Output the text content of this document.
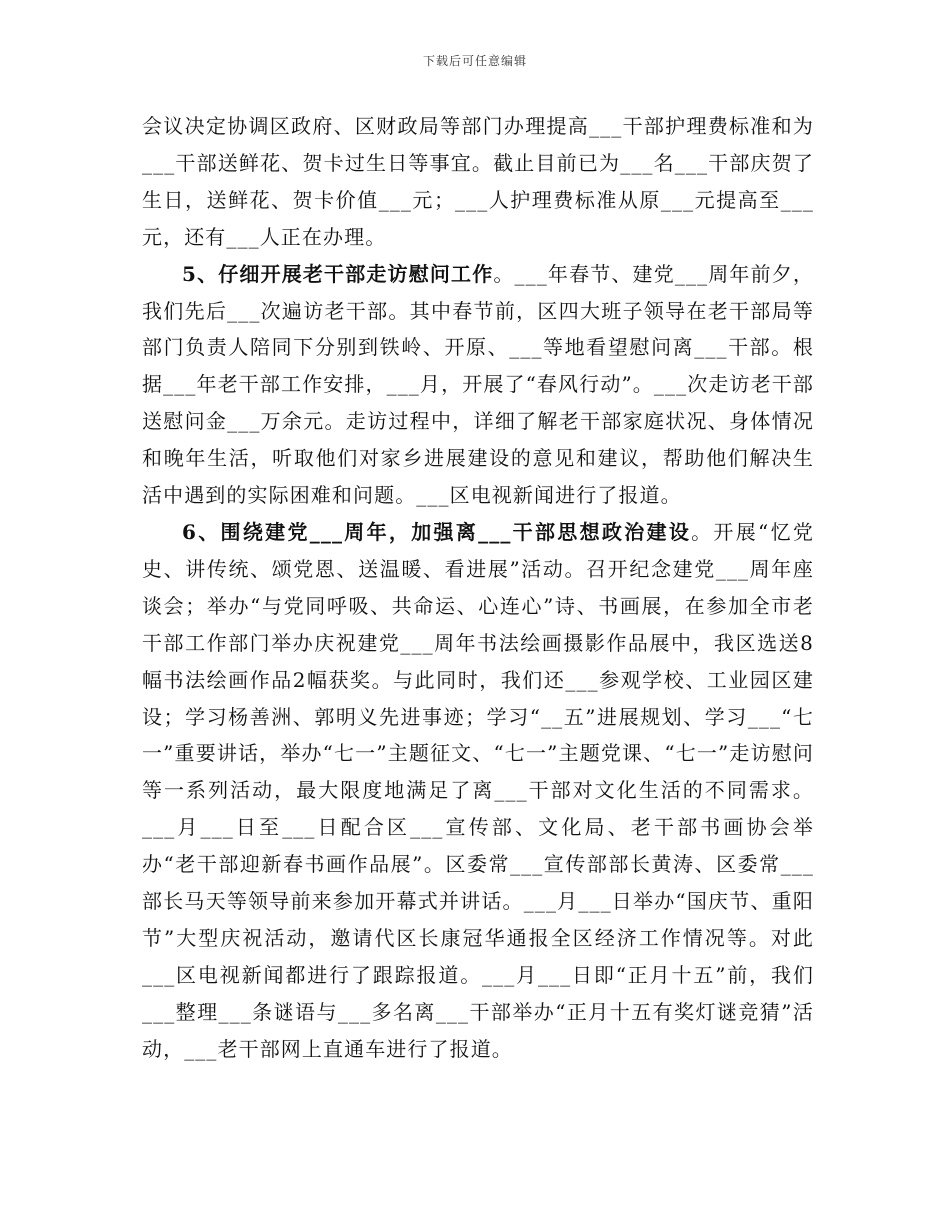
下载后可任意编辑

会议决定协调区政府、区财政局等部门办理提高___干部护理费标准和为___干部送鲜花、贺卡过生日等事宜。截止目前已为___名___干部庆贺了生日，送鲜花、贺卡价值___元；___人护理费标准从原___元提高至___元，还有___人正在办理。

5、仔细开展老干部走访慰问工作。___年春节、建党___周年前夕，我们先后___次遍访老干部。其中春节前，区四大班子领导在老干部局等部门负责人陪同下分别到铁岭、开原、___等地看望慰问离___干部。根据___年老干部工作安排，___月，开展了“春风行动”。___次走访老干部送慰问金___万余元。走访过程中，详细了解老干部家庭状况、身体情况和晚年生活，听取他们对家乡进展建设的意见和建议，帮助他们解决生活中遇到的实际困难和问题。___区电视新闻进行了报道。

6、围绕建党___周年，加强离___干部思想政治建设。开展“忆党史、讲传统、颂党恩、送温暖、看进展”活动。召开纪念建党___周年座谈会；举办“与党同呼吸、共命运、心连心”诗、书画展，在参加全市老干部工作部门举办庆祝建党___周年书法绘画摄影作品展中，我区选送8幅书法绘画作品2幅获奖。与此同时，我们还___参观学校、工业园区建设；学习杨善洲、郭明义先进事迹；学习“__五”进展规划、学习___“七一”重要讲话，举办“七一”主题征文、“七一”主题党课、“七一”走访慰问等一系列活动，最大限度地满足了离___干部对文化生活的不同需求。___月___日至___日配合区___宣传部、文化局、老干部书画协会举办“老干部迎新春书画作品展”。区委常___宣传部部长黄涛、区委常___部长马天等领导前来参加开幕式并讲话。___月___日举办“国庆节、重阳节”大型庆祝活动，邀请代区长康冠华通报全区经济工作情况等。对此___区电视新闻都进行了跟踪报道。___月___日即“正月十五”前，我们___整理___条谜语与___多名离___干部举办“正月十五有奖灯谜竞猜”活动，___老干部网上直通车进行了报道。
